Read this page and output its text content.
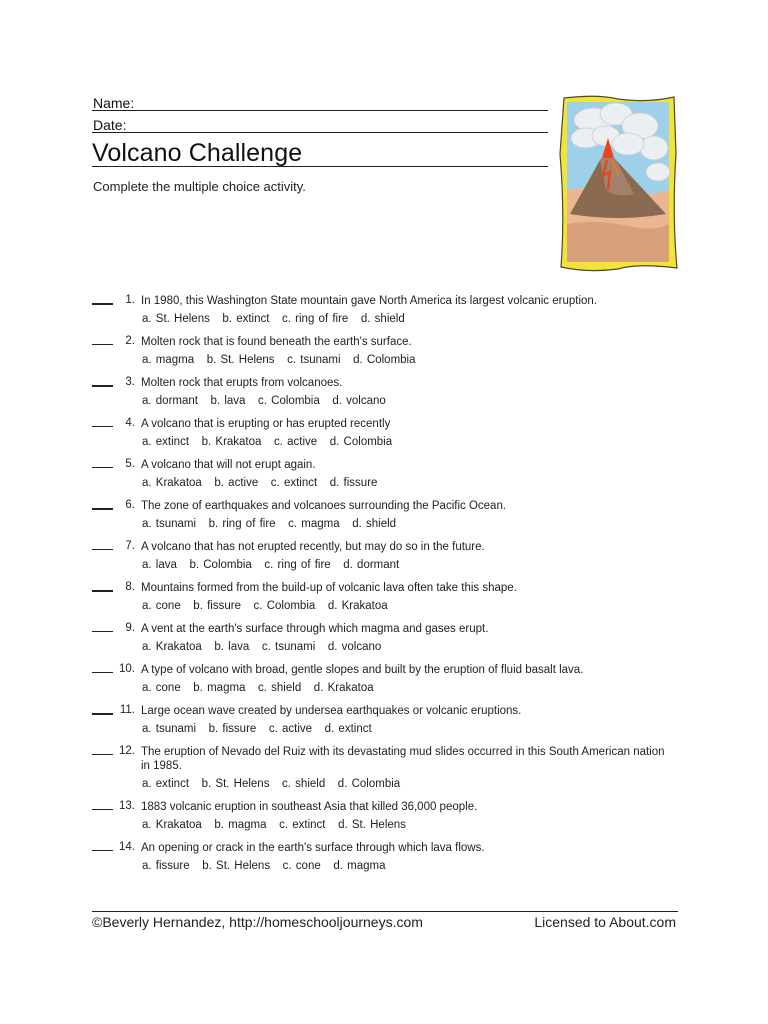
Name:
Date:
Volcano Challenge
Complete the multiple choice activity.
1. In 1980, this Washington State mountain gave North America its largest volcanic eruption.
a. St. Helens   b. extinct   c. ring of fire   d. shield
2. Molten rock that is found beneath the earth's surface.
a. magma   b. St. Helens   c. tsunami   d. Colombia
3. Molten rock that erupts from volcanoes.
a. dormant   b. lava   c. Colombia   d. volcano
4. A volcano that is erupting or has erupted recently
a. extinct   b. Krakatoa   c. active   d. Colombia
5. A volcano that will not erupt again.
a. Krakatoa   b. active   c. extinct   d. fissure
6. The zone of earthquakes and volcanoes surrounding the Pacific Ocean.
a. tsunami   b. ring of fire   c. magma   d. shield
7. A volcano that has not erupted recently, but may do so in the future.
a. lava   b. Colombia   c. ring of fire   d. dormant
8. Mountains formed from the build-up of volcanic lava often take this shape.
a. cone   b. fissure   c. Colombia   d. Krakatoa
9. A vent at the earth's surface through which magma and gases erupt.
a. Krakatoa   b. lava   c. tsunami   d. volcano
10. A type of volcano with broad, gentle slopes and built by the eruption of fluid basalt lava.
a. cone   b. magma   c. shield   d. Krakatoa
11. Large ocean wave created by undersea earthquakes or volcanic eruptions.
a. tsunami   b. fissure   c. active   d. extinct
12. The eruption of Nevado del Ruiz with its devastating mud slides occurred in this South American nation in 1985.
a. extinct   b. St. Helens   c. shield   d. Colombia
13. 1883 volcanic eruption in southeast Asia that killed 36,000 people.
a. Krakatoa   b. magma   c. extinct   d. St. Helens
14. An opening or crack in the earth's surface through which lava flows.
a. fissure   b. St. Helens   c. cone   d. magma
©Beverly Hernandez, http://homeschooljourneys.com	Licensed to About.com
